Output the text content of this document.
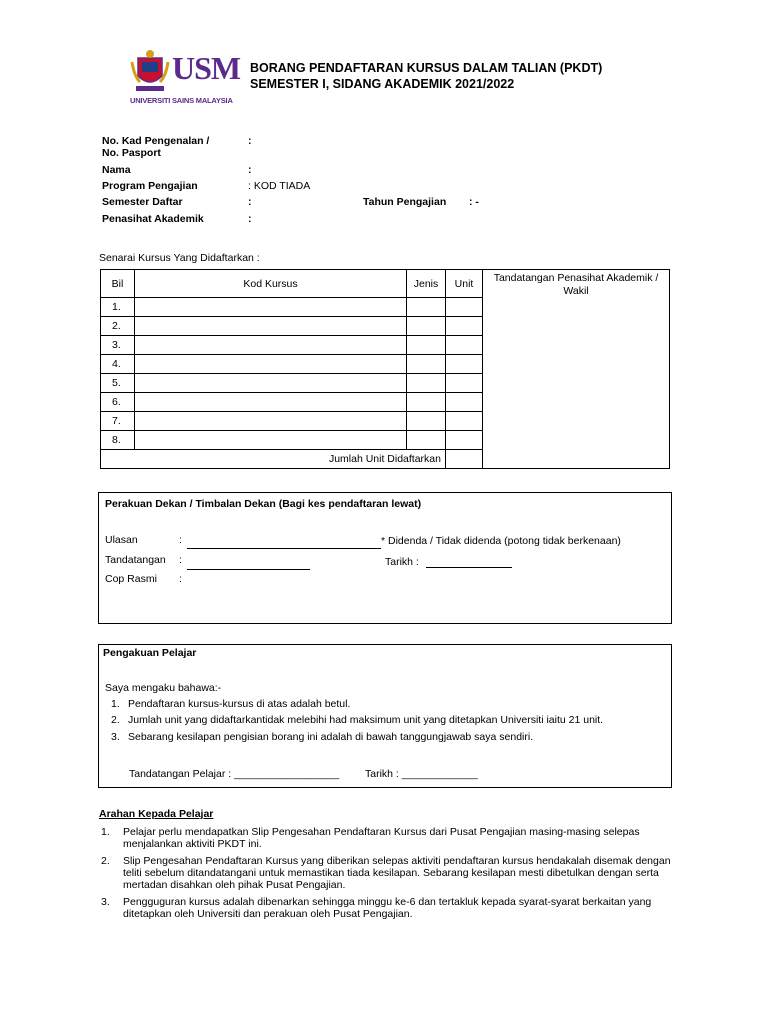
USM
UNIVERSITI SAINS MALAYSIA
BORANG PENDAFTARAN KURSUS DALAM TALIAN (PKDT)
SEMESTER I, SIDANG AKADEMIK 2021/2022
No. Kad Pengenalan /
No. Pasport
:
Nama	:
Program Pengajian	: KOD TIADA
Semester Daftar	:	Tahun Pengajian : -
Penasihat Akademik	:
Senarai Kursus Yang Didaftarkan :
Bil	Kod Kursus	Jenis	Unit	Tandatangan Penasihat Akademik / Wakil
1.				
2.				
3.				
4.				
5.				
6.				
7.				
8.				
Jumlah Unit Didaftarkan				
Perakuan Dekan / Timbalan Dekan (Bagi kes pendaftaran lewat)
Ulasan	:	* Didenda / Tidak didenda (potong tidak berkenaan)
Tandatangan :	Tarikh :
Cop Rasmi :
Pengakuan Pelajar
Saya mengaku bahawa:-
1. Pendaftaran kursus-kursus di atas adalah betul.
2. Jumlah unit yang didaftarkantidak melebihi had maksimum unit yang ditetapkan Universiti iaitu 21 unit.
3. Sebarang kesilapan pengisian borang ini adalah di bawah tanggungjawab saya sendiri.
Tandatangan Pelajar : __________________ Tarikh : _____________
Arahan Kepada Pelajar
1. Pelajar perlu mendapatkan Slip Pengesahan Pendaftaran Kursus dari Pusat Pengajian masing-masing selepas menjalankan aktiviti PKDT ini.
2. Slip Pengesahan Pendaftaran Kursus yang diberikan selepas aktiviti pendaftaran kursus hendakalah disemak dengan teliti sebelum ditandatangani untuk memastikan tiada kesilapan. Sebarang kesilapan mesti dibetulkan dengan serta mertadan disahkan oleh pihak Pusat Pengajian.
3. Pengguguran kursus adalah dibenarkan sehingga minggu ke-6 dan tertakluk kepada syarat-syarat berkaitan yang ditetapkan oleh Universiti dan perakuan oleh Pusat Pengajian.
